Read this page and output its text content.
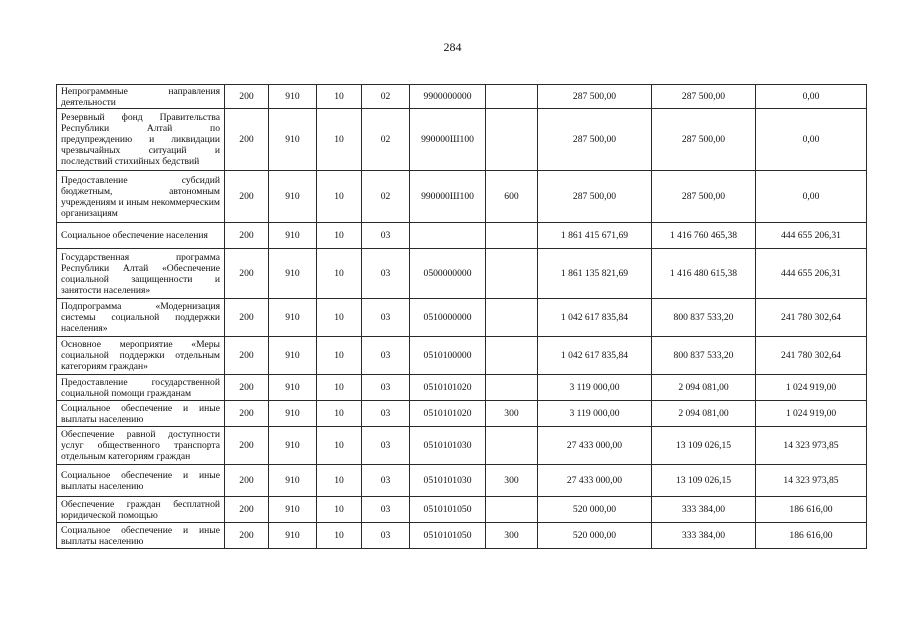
284
Непрограммные направления деятельности	200	910	10	02	9900000000		287 500,00	287 500,00	0,00
Резервный фонд Правительства Республики Алтай по предупреждению и ликвидации чрезвычайных ситуаций и последствий стихийных бедствий	200	910	10	02	990000Ш100		287 500,00	287 500,00	0,00
Предоставление субсидий бюджетным, автономным учреждениям и иным некоммерческим организациям	200	910	10	02	990000Ш100	600	287 500,00	287 500,00	0,00
Социальное обеспечение населения	200	910	10	03			1 861 415 671,69	1 416 760 465,38	444 655 206,31
Государственная программа Республики Алтай «Обеспечение социальной защищенности и занятости населения»	200	910	10	03	0500000000		1 861 135 821,69	1 416 480 615,38	444 655 206,31
Подпрограмма «Модернизация системы социальной поддержки населения»	200	910	10	03	0510000000		1 042 617 835,84	800 837 533,20	241 780 302,64
Основное мероприятие «Меры социальной поддержки отдельным категориям граждан»	200	910	10	03	0510100000		1 042 617 835,84	800 837 533,20	241 780 302,64
Предоставление государственной социальной помощи гражданам	200	910	10	03	0510101020		3 119 000,00	2 094 081,00	1 024 919,00
Социальное обеспечение и иные выплаты населению	200	910	10	03	0510101020	300	3 119 000,00	2 094 081,00	1 024 919,00
Обеспечение равной доступности услуг общественного транспорта отдельным категориям граждан	200	910	10	03	0510101030		27 433 000,00	13 109 026,15	14 323 973,85
Социальное обеспечение и иные выплаты населению	200	910	10	03	0510101030	300	27 433 000,00	13 109 026,15	14 323 973,85
Обеспечение граждан бесплатной юридической помощью	200	910	10	03	0510101050		520 000,00	333 384,00	186 616,00
Социальное обеспечение и иные выплаты населению	200	910	10	03	0510101050	300	520 000,00	333 384,00	186 616,00
